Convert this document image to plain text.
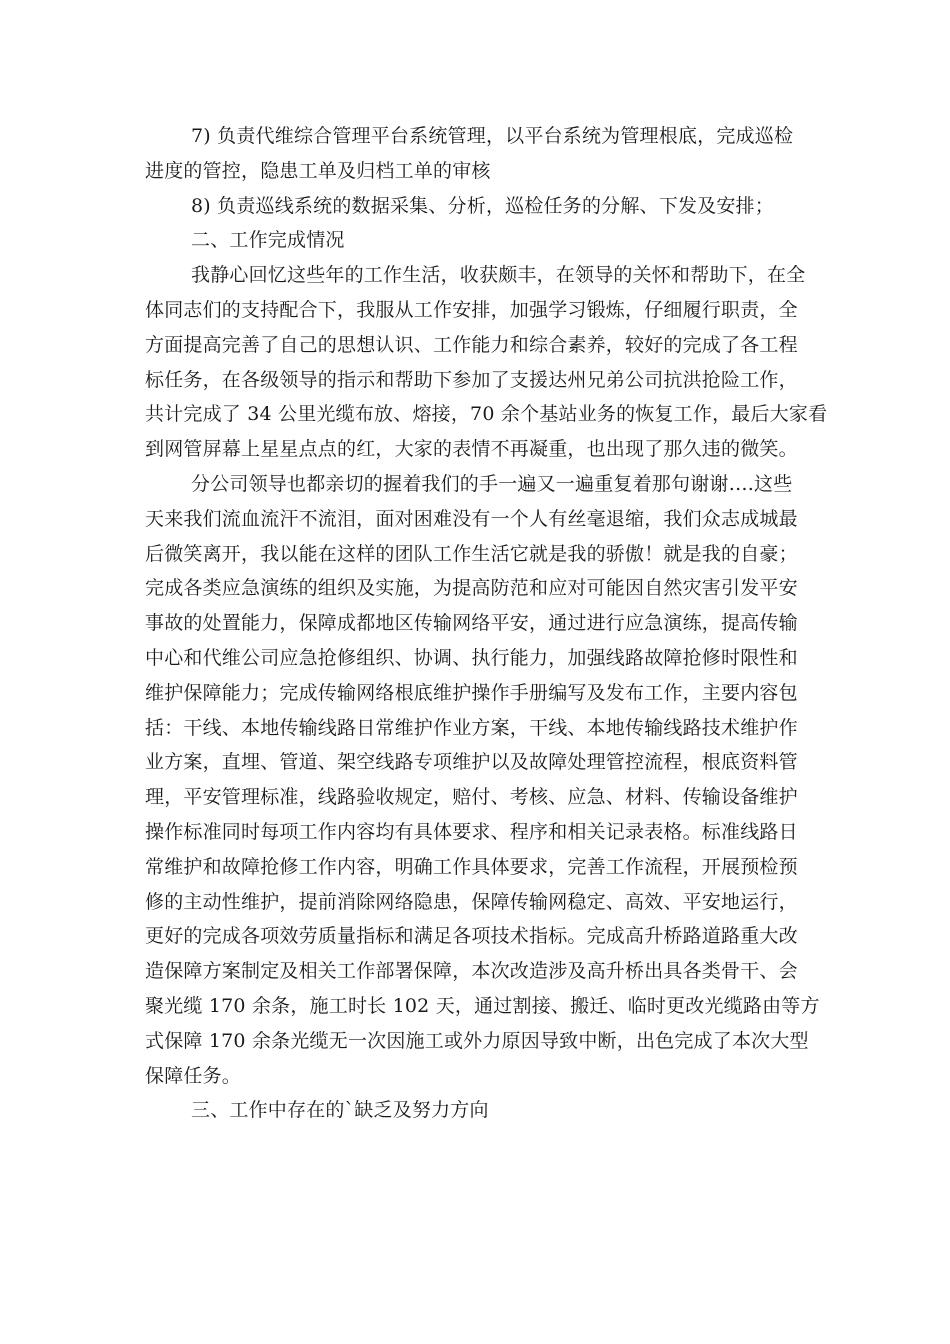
7) 负责代维综合管理平台系统管理，以平台系统为管理根底，完成巡检
进度的管控，隐患工单及归档工单的审核
8) 负责巡线系统的数据采集、分析，巡检任务的分解、下发及安排；
二、工作完成情况
我静心回忆这些年的工作生活，收获颇丰，在领导的关怀和帮助下，在全
体同志们的支持配合下，我服从工作安排，加强学习锻炼，仔细履行职责，全
方面提高完善了自己的思想认识、工作能力和综合素养，较好的完成了各工程
标任务，在各级领导的指示和帮助下参加了支援达州兄弟公司抗洪抢险工作，
共计完成了 34 公里光缆布放、熔接，70 余个基站业务的恢复工作，最后大家看
到网管屏幕上星星点点的红，大家的表情不再凝重，也出现了那久违的微笑。
分公司领导也都亲切的握着我们的手一遍又一遍重复着那句谢谢….这些
天来我们流血流汗不流泪，面对困难没有一个人有丝毫退缩，我们众志成城最
后微笑离开，我以能在这样的团队工作生活它就是我的骄傲！就是我的自豪；
完成各类应急演练的组织及实施，为提高防范和应对可能因自然灾害引发平安
事故的处置能力，保障成都地区传输网络平安，通过进行应急演练，提高传输
中心和代维公司应急抢修组织、协调、执行能力，加强线路故障抢修时限性和
维护保障能力；完成传输网络根底维护操作手册编写及发布工作，主要内容包
括：干线、本地传输线路日常维护作业方案，干线、本地传输线路技术维护作
业方案，直埋、管道、架空线路专项维护以及故障处理管控流程，根底资料管
理，平安管理标准，线路验收规定，赔付、考核、应急、材料、传输设备维护
操作标准同时每项工作内容均有具体要求、程序和相关记录表格。标准线路日
常维护和故障抢修工作内容，明确工作具体要求，完善工作流程，开展预检预
修的主动性维护，提前消除网络隐患，保障传输网稳定、高效、平安地运行，
更好的完成各项效劳质量指标和满足各项技术指标。完成高升桥路道路重大改
造保障方案制定及相关工作部署保障，本次改造涉及高升桥出具各类骨干、会
聚光缆 170 余条，施工时长 102 天，通过割接、搬迁、临时更改光缆路由等方
式保障 170 余条光缆无一次因施工或外力原因导致中断，出色完成了本次大型
保障任务。
三、工作中存在的`缺乏及努力方向
